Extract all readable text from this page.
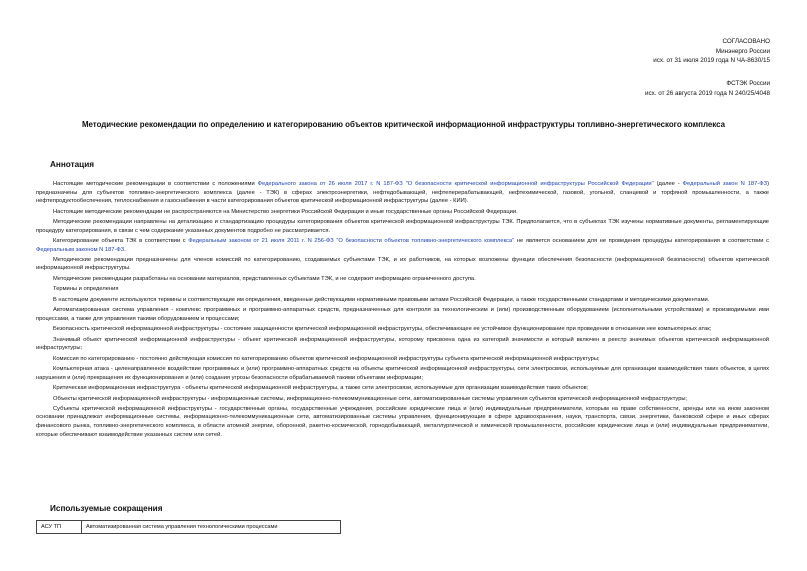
СОГЛАСОВАНО
Минэнерго России
исх. от 31 июля 2019 года N ЧА-8630/15
ФСТЭК России
исх. от 26 августа 2019 года N 240/25/4048
Методические рекомендации по определению и категорированию объектов критической информационной инфраструктуры топливно-энергетического комплекса
Аннотация

Настоящие методические рекомендации в соответствии с положениями Федерального закона от 26 июля 2017 г. N 187-ФЗ "О безопасности критической информационной инфраструктуры Российской Федерации" (далее - Федеральный закон N 187-ФЗ) предназначены для субъектов топливно-энергетического комплекса (далее - ТЭК) в сферах электроэнергетики, нефтедобывающей, нефтеперерабатывающей, нефтехимической, газовой, угольной, сланцевой и торфяной промышленности, а также нефтепродуктообеспечения, теплоснабжения и газоснабжения в части категорирования объектов критической информационной инфраструктуры (далее - КИИ).

Настоящие методические рекомендации не распространяются на Министерство энергетики Российской Федерации и иные государственные органы Российской Федерации.

Методические рекомендации направлены на детализацию и стандартизацию процедуры категорирования объектов критической информационной инфраструктуры ТЭК. Предполагается, что в субъектах ТЭК изучены нормативные документы, регламентирующие процедуру категорирования, в связи с чем содержание указанных документов подробно не рассматривается.

Категорирование объекта ТЭК в соответствии с Федеральным законом от 21 июля 2011 г. N 256-ФЗ "О безопасности объектов топливно-энергетического комплекса" не является основанием для не проведения процедуры категорирования в соответствии с Федеральным законом N 187-ФЗ.

Методические рекомендации предназначены для членов комиссий по категорированию, создаваемых субъектами ТЭК, и их работников, на которых возложены функции обеспечения безопасности (информационной безопасности) объектов критической информационной инфраструктуры.

Методические рекомендации разработаны на основании материалов, представленных субъектами ТЭК, и не содержит информацию ограниченного доступа.

Термины и определения

В настоящем документе используются термины и соответствующие им определения, введенные действующими нормативными правовыми актами Российской Федерации, а также государственными стандартами и методическими документами.

Автоматизированная система управления - комплекс программных и программно-аппаратных средств, предназначенных для контроля за технологическим и (или) производственным оборудованием (исполнительными устройствами) и производимыми ими процессами, а также для управления такими оборудованием и процессами;

Безопасность критической информационной инфраструктуры - состояние защищенности критической информационной инфраструктуры, обеспечивающее ее устойчивое функционирование при проведении в отношении нее компьютерных атак;

Значимый объект критической информационной инфраструктуры - объект критической информационной инфраструктуры, которому присвоена одна из категорий значимости и который включен в реестр значимых объектов критической информационной инфраструктуры;

Комиссия по категорированию - постоянно действующая комиссия по категорированию объектов критической информационной инфраструктуры субъекта критической информационной инфраструктуры;

Компьютерная атака - целенаправленное воздействие программных и (или) программно-аппаратных средств на объекты критической информационной инфраструктуры, сети электросвязи, используемые для организации взаимодействия таких объектов, в целях нарушения и (или) прекращения их функционирования и (или) создания угрозы безопасности обрабатываемой такими объектами информации;

Критическая информационная инфраструктура - объекты критической информационной инфраструктуры, а также сети электросвязи, используемые для организации взаимодействия таких объектов;

Объекты критической информационной инфраструктуры - информационные системы, информационно-телекоммуникационные сети, автоматизированные системы управления субъектов критической информационной инфраструктуры;

Субъекты критической информационной инфраструктуры - государственные органы, государственные учреждения, российские юридические лица и (или) индивидуальные предприниматели, которым на праве собственности, аренды или на ином законном основании принадлежат информационные системы, информационно-телекоммуникационные сети, автоматизированные системы управления, функционирующие в сфере здравоохранения, науки, транспорта, связи, энергетики, банковской сфере и иных сферах финансового рынка, топливно-энергетического комплекса, в области атомной энергии, оборонной, ракетно-космической, горнодобывающей, металлургической и химической промышленности, российские юридические лица и (или) индивидуальные предприниматели, которые обеспечивают взаимодействие указанных систем или сетей.

Используемые сокращения
АСУ ТП	Автоматизированная система управления технологическими процессами
